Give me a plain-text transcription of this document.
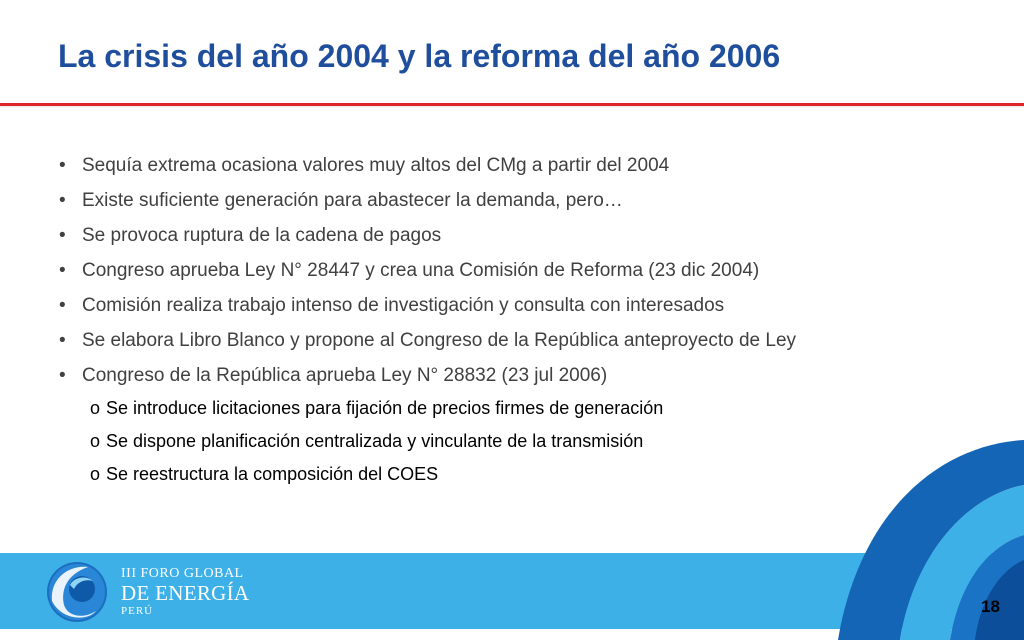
La crisis del año 2004 y la reforma del año 2006
• Sequía extrema ocasiona valores muy altos del CMg a partir del 2004
• Existe suficiente generación para abastecer la demanda, pero…
• Se provoca ruptura de la cadena de pagos
• Congreso aprueba Ley N° 28447 y crea una Comisión de Reforma (23 dic 2004)
• Comisión realiza trabajo intenso de investigación y consulta con interesados
• Se elabora Libro Blanco y propone al Congreso de la República anteproyecto de Ley
• Congreso de la República aprueba Ley N° 28832 (23 jul 2006)
o Se introduce licitaciones para fijación de precios firmes de generación
o Se dispone planificación centralizada y vinculante de la transmisión
o Se reestructura la composición del COES
III FORO GLOBAL
DE ENERGÍA
PERÚ	18
